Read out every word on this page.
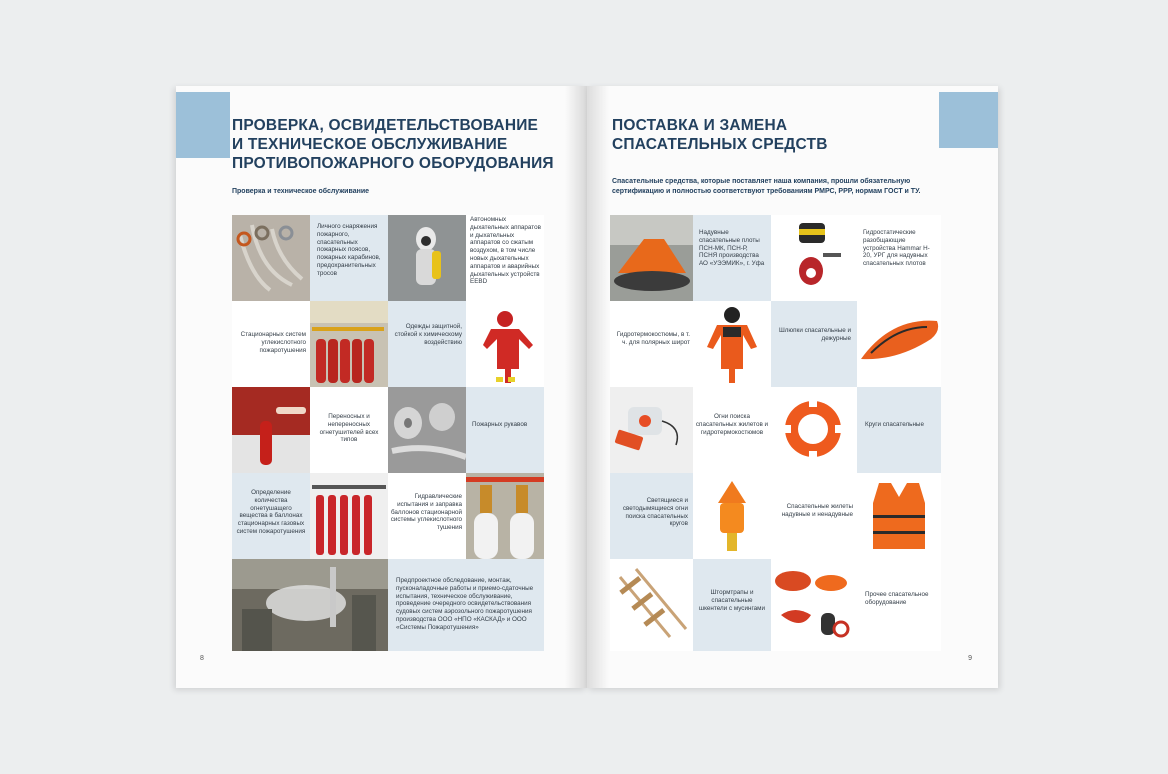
ПРОВЕРКА, ОСВИДЕТЕЛЬСТВОВАНИЕ
И ТЕХНИЧЕСКОЕ ОБСЛУЖИВАНИЕ
ПРОТИВОПОЖАРНОГО ОБОРУДОВАНИЯ
Проверка и техническое обслуживание
Личного снаряжения пожарного, спасательных пожарных поясов, пожарных карабинов, предохранительных тросов
Автономных дыхательных аппаратов и дыхательных аппаратов со сжатым воздухом, в том числе новых дыхательных аппаратов и аварийных дыхательных устройств EEBD
Стационарных систем углекислотного пожаротушения
Одежды защитной, стойкой к химическому воздействию
Переносных и непереносных огнетушителей всех типов
Пожарных рукавов
Определение количества огнетушащего вещества в баллонах стационарных газовых систем пожаротушения
Гидравлические испытания и заправка баллонов стационарной системы углекислотного тушения
Предпроектное обследование, монтаж, пусконаладочные работы и приемо-сдаточные испытания, техническое обслуживание, проведение очередного освидетельствования судовых систем аэрозольного пожаротушения производства ООО «НПО «КАСКАД» и ООО «Системы Пожаротушения»
8
ПОСТАВКА И ЗАМЕНА
СПАСАТЕЛЬНЫХ СРЕДСТВ
Спасательные средства, которые поставляет наша компания, прошли обязательную
сертификацию и полностью соответствуют требованиям РМРС, РРР, нормам ГОСТ и ТУ.
Надувные спасательные плоты ПСН-МК, ПСН-Р, ПСНЯ производства АО «УЭЭМИК», г. Уфа
Гидростатические разобщающие устройства Hammar H-20, УРГ для надувных спасательных плотов
Гидротермокостюмы, в т. ч. для полярных широт
Шлюпки спасательные и дежурные
Огни поиска спасательных жилетов и гидротермокостюмов
Круги спасательные
Светящиеся и светодымящиеся огни поиска спасательных кругов
Спасательные жилеты надувные и ненадувные
Штормтрапы и спасательные шкентели с мусингами
Прочее спасательное оборудование
9
